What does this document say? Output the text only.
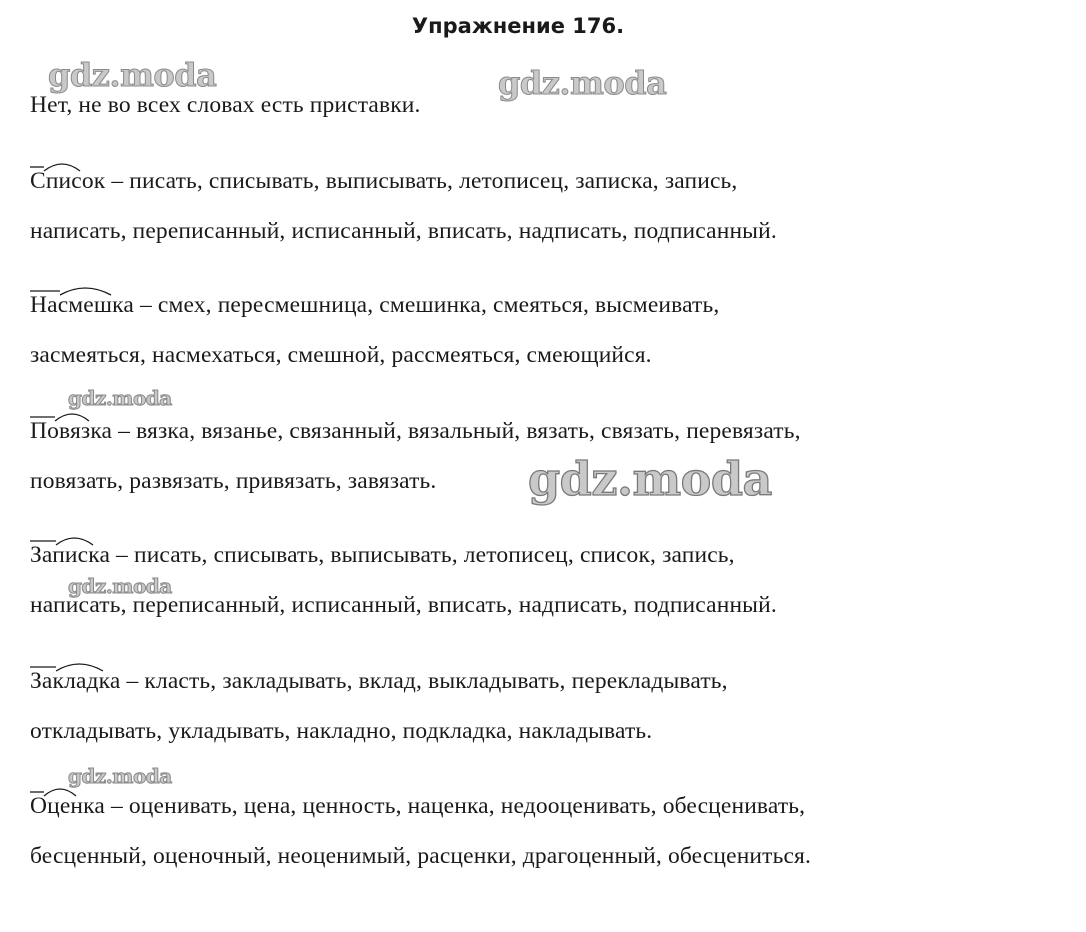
Упражнение 176.
Нет, не во всех словах есть приставки.
Список – писать, списывать, выписывать, летописец, записка, запись,
написать, переписанный, исписанный, вписать, надписать, подписанный.
Насмешка – смех, пересмешница, смешинка, смеяться, высмеивать,
засмеяться, насмехаться, смешной, рассмеяться, смеющийся.
Повязка – вязка, вязанье, связанный, вязальный, вязать, связать, перевязать,
повязать, развязать, привязать, завязать.
Записка – писать, списывать, выписывать, летописец, список, запись,
написать, переписанный, исписанный, вписать, надписать, подписанный.
Закладка – класть, закладывать, вклад, выкладывать, перекладывать,
откладывать, укладывать, накладно, подкладка, накладывать.
Оценка – оценивать, цена, ценность, наценка, недооценивать, обесценивать,
бесценный, оценочный, неоценимый, расценки, драгоценный, обесцениться.
gdz.moda	gdz.moda
gdz.moda
gdz.moda
gdz.moda
gdz.moda
